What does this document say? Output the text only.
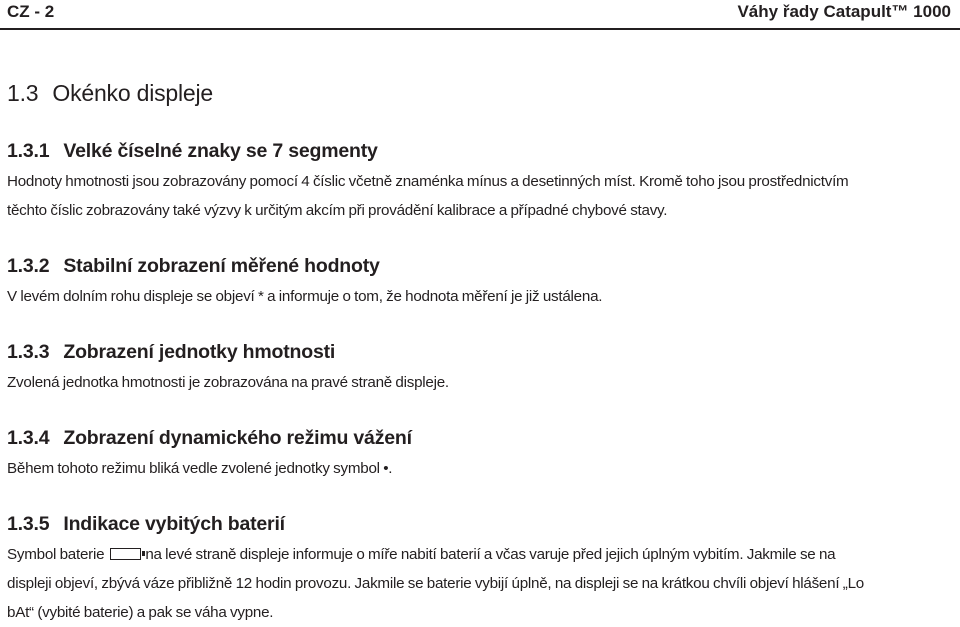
CZ - 2	Váhy řady Catapult™ 1000
1.3 Okénko displeje
1.3.1 Velké číselné znaky se 7 segmenty
Hodnoty hmotnosti jsou zobrazovány pomocí 4 číslic včetně znaménka mínus a desetinných míst. Kromě toho jsou prostřednictvím
těchto číslic zobrazovány také výzvy k určitým akcím při provádění kalibrace a případné chybové stavy.
1.3.2 Stabilní zobrazení měřené hodnoty
V levém dolním rohu displeje se objeví * a informuje o tom, že hodnota měření je již ustálena.
1.3.3 Zobrazení jednotky hmotnosti
Zvolená jednotka hmotnosti je zobrazována na pravé straně displeje.
1.3.4 Zobrazení dynamického režimu vážení
Během tohoto režimu bliká vedle zvolené jednotky symbol •.
1.3.5 Indikace vybitých baterií
Symbol baterie	na levé straně displeje informuje o míře nabití baterií a včas varuje před jejich úplným vybitím. Jakmile se na
displeji objeví, zbývá váze přibližně 12 hodin provozu. Jakmile se baterie vybijí úplně, na displeji se na krátkou chvíli objeví hlášení „Lo
bAt“ (vybité baterie) a pak se váha vypne.
